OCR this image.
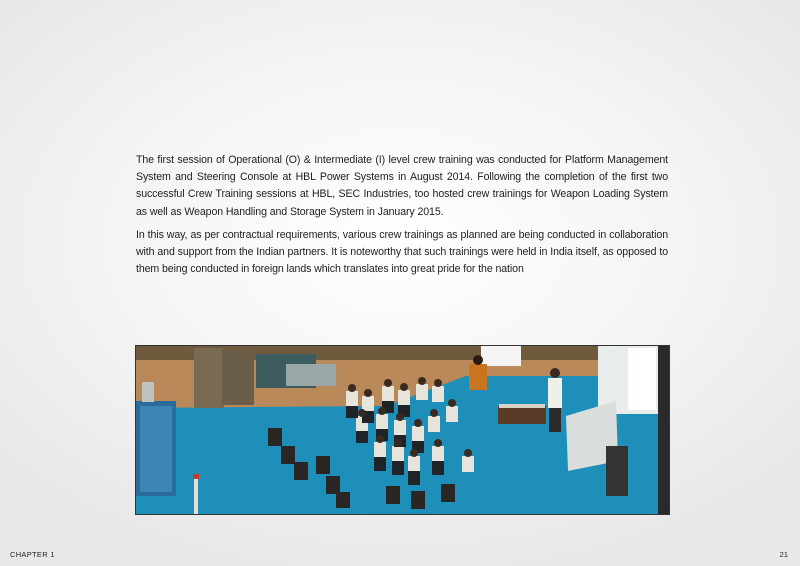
The first session of Operational (O) & Intermediate (I) level crew training was conducted for Platform Management System and Steering Console at HBL Power Systems in August 2014. Following the completion of the first two successful Crew Training sessions at HBL, SEC Industries, too hosted crew trainings for Weapon Loading System as well as Weapon Handling and Storage System in January 2015.

In this way, as per contractual requirements, various crew trainings as planned are being conducted in collaboration with and support from the Indian partners. It is noteworthy that such trainings were held in India itself, as opposed to them being conducted in foreign lands which translates into great pride for the nation

CHAPTER 1	21
